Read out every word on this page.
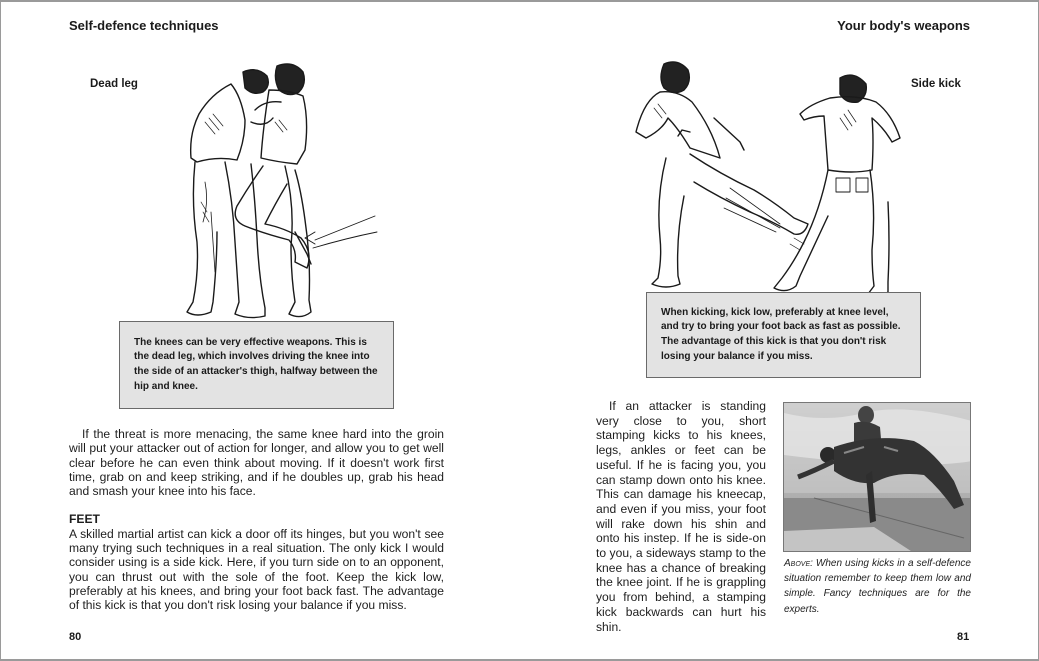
Self-defence techniques
Dead leg
The knees can be very effective weapons. This is the dead leg, which involves driving the knee into the side of an attacker's thigh, halfway between the hip and knee.

If the threat is more menacing, the same knee hard into the groin will put your attacker out of action for longer, and allow you to get well clear before he can even think about moving. If it doesn't work first time, grab on and keep striking, and if he doubles up, grab his head and smash your knee into his face.

FEET

A skilled martial artist can kick a door off its hinges, but you won't see many trying such techniques in a real situation. The only kick I would consider using is a side kick. Here, if you turn side on to an opponent, you can thrust out with the sole of the foot. Keep the kick low, preferably at his knees, and bring your foot back fast. The advantage of this kick is that you don't risk losing your balance if you miss.

80
Your body's weapons
Side kick
When kicking, kick low, preferably at knee level, and try to bring your foot back as fast as possible. The advantage of this kick is that you don't risk losing your balance if you miss.

If an attacker is standing very close to you, short stamping kicks to his knees, legs, ankles or feet can be useful. If he is facing you, you can stamp down onto his knee. This can damage his kneecap, and even if you miss, your foot will rake down his shin and onto his instep. If he is side-on to you, a sideways stamp to the knee has a chance of breaking the knee joint. If he is grappling you from behind, a stamping kick backwards can hurt his shin.

Above: When using kicks in a self-defence situation remember to keep them low and simple. Fancy techniques are for the experts.
81
